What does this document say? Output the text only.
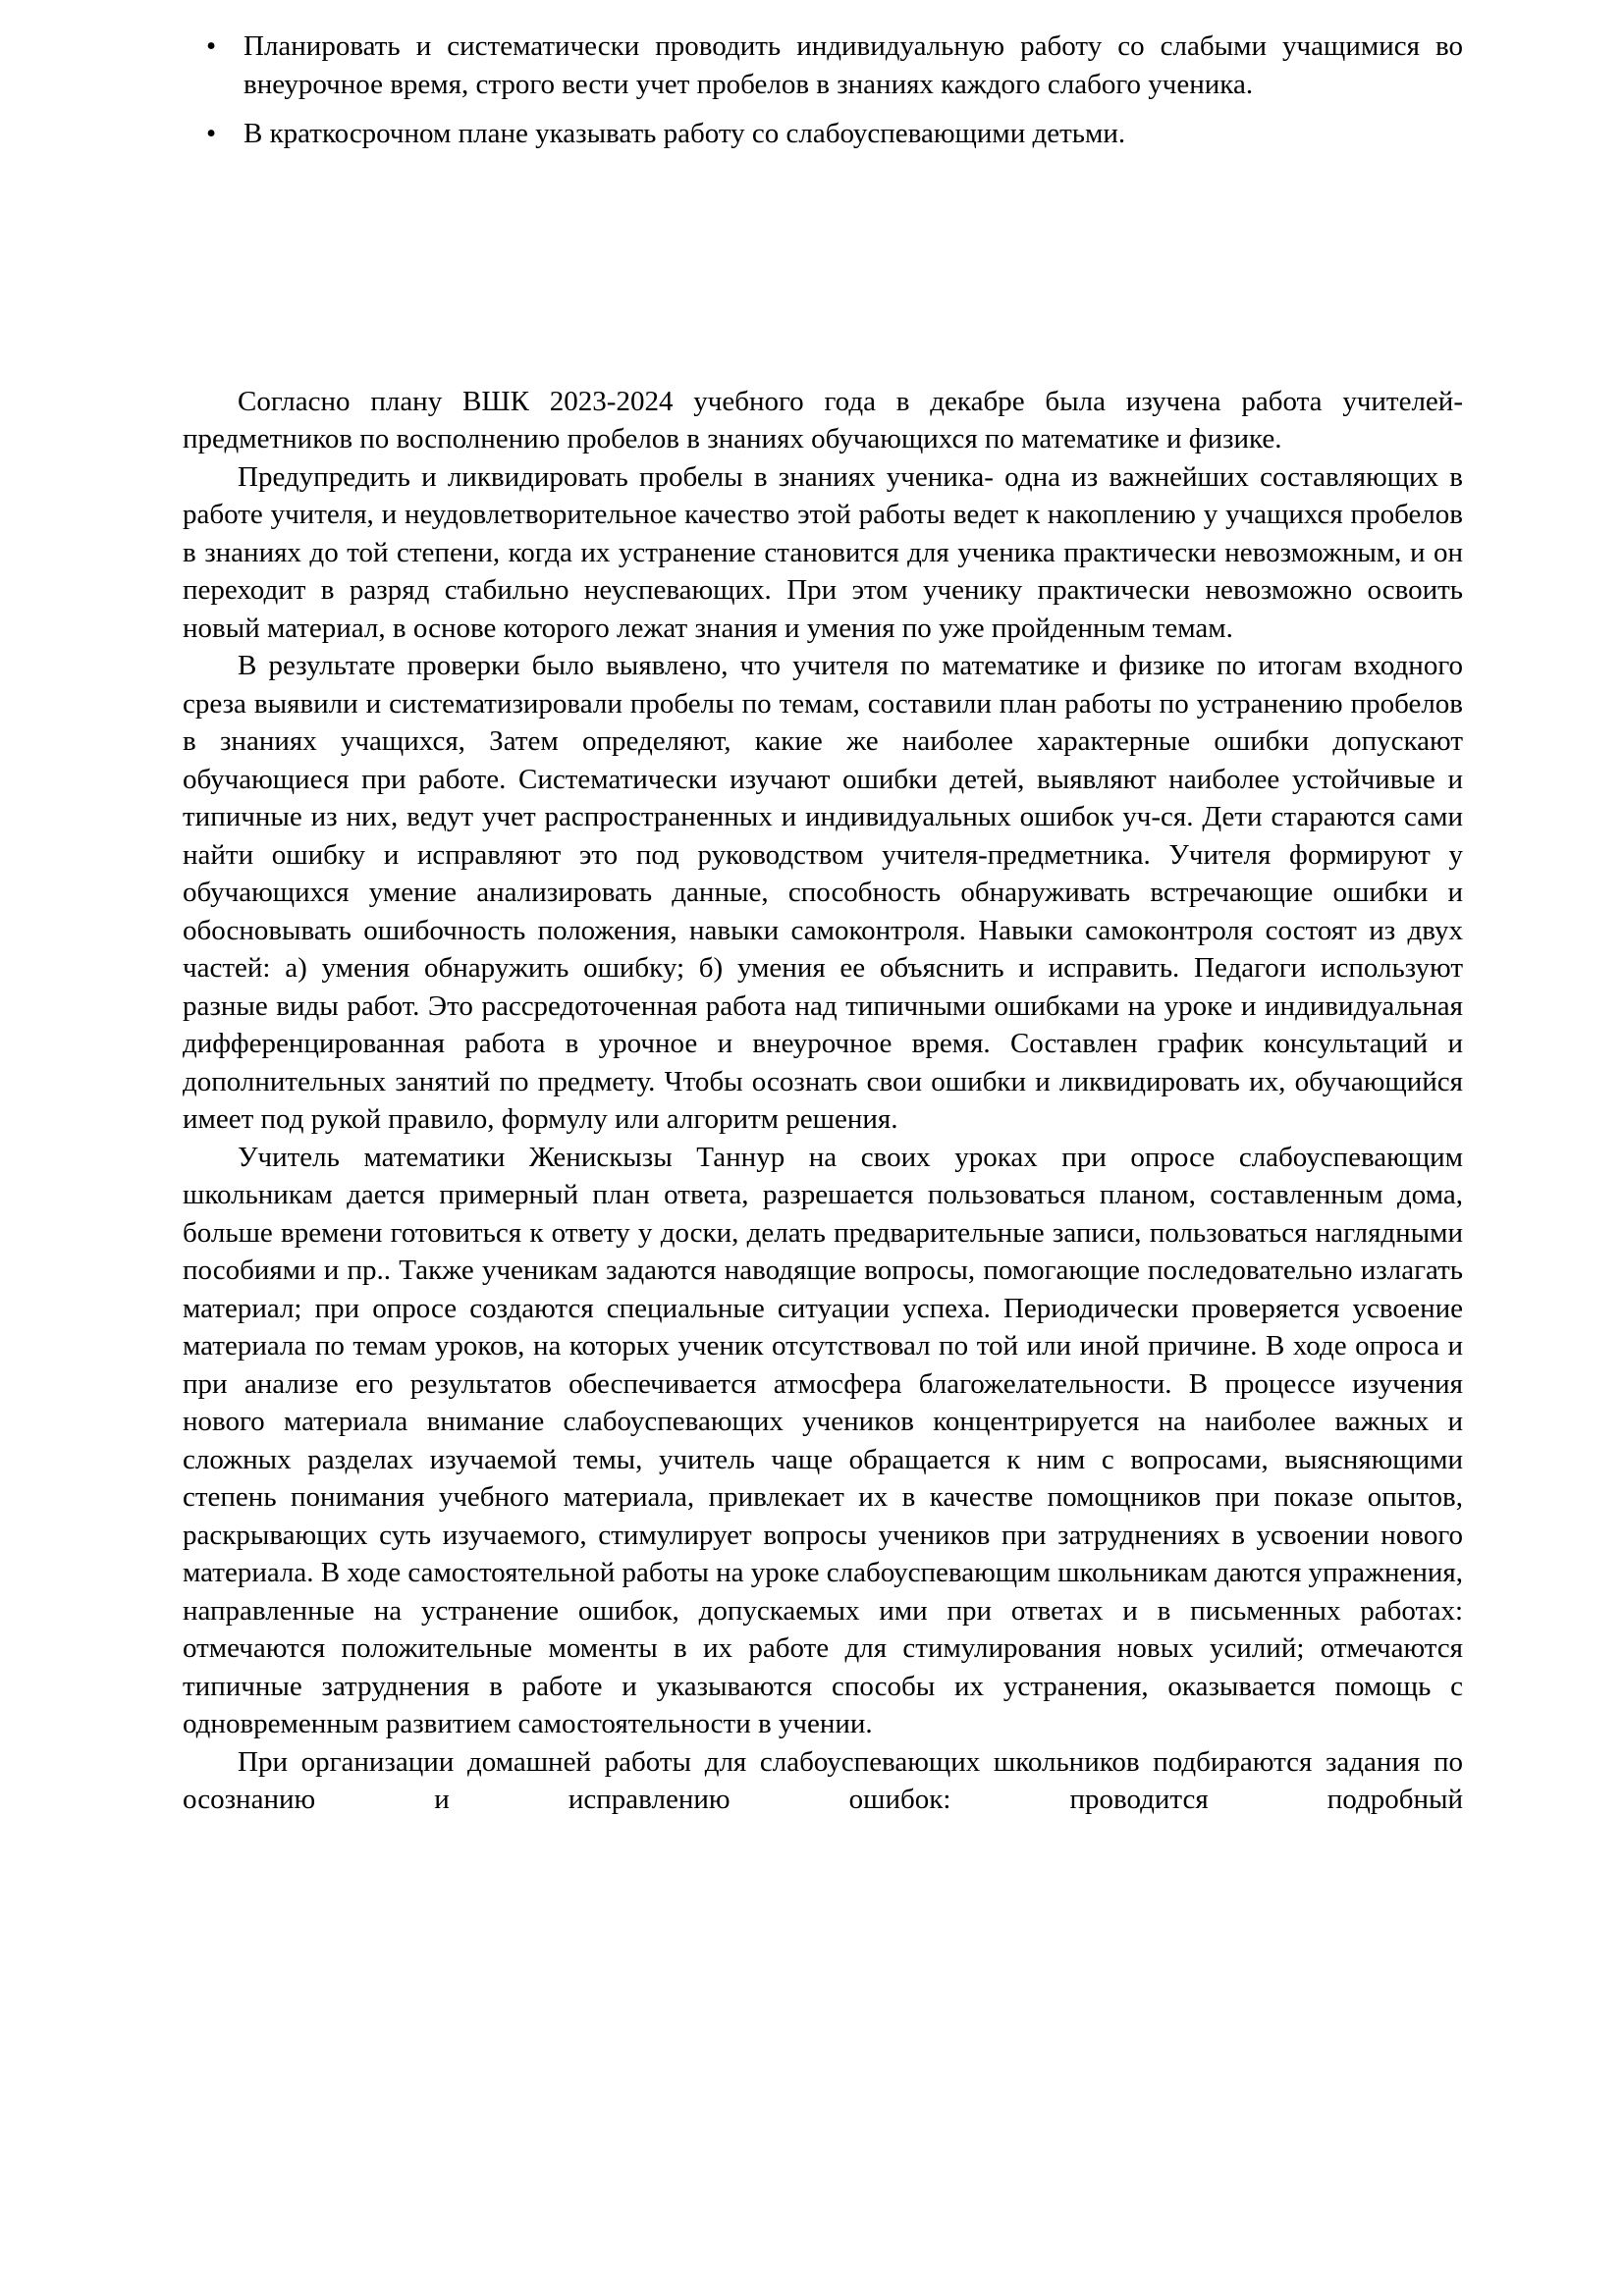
• Планировать и систематически проводить индивидуальную работу со слабыми учащимися во внеурочное время, строго вести учет пробелов в знаниях каждого слабого ученика.
• В краткосрочном плане указывать работу со слабоуспевающими детьми.

Согласно плану ВШК 2023-2024 учебного года в декабре была изучена работа учителей- предметников по восполнению пробелов в знаниях обучающихся по математике и физике.

Предупредить и ликвидировать пробелы в знаниях ученика- одна из важнейших составляющих в работе учителя, и неудовлетворительное качество этой работы ведет к накоплению у учащихся пробелов в знаниях до той степени, когда их устранение становится для ученика практически невозможным, и он переходит в разряд стабильно неуспевающих. При этом ученику практически невозможно освоить новый материал, в основе которого лежат знания и умения по уже пройденным темам.

В результате проверки было выявлено, что учителя по математике и физике по итогам входного среза выявили и систематизировали пробелы по темам, составили план работы по устранению пробелов в знаниях учащихся, Затем определяют, какие же наиболее характерные ошибки допускают обучающиеся при работе. Систематически изучают ошибки детей, выявляют наиболее устойчивые и типичные из них, ведут учет распространенных и индивидуальных ошибок уч-ся. Дети стараются сами найти ошибку и исправляют это под руководством учителя-предметника. Учителя формируют у обучающихся умение анализировать данные, способность обнаруживать встречающие ошибки и обосновывать ошибочность положения, навыки самоконтроля. Навыки самоконтроля состоят из двух частей: а) умения обнаружить ошибку; б) умения ее объяснить и исправить. Педагоги используют разные виды работ. Это рассредоточенная работа над типичными ошибками на уроке и индивидуальная дифференцированная работа в урочное и внеурочное время. Составлен график консультаций и дополнительных занятий по предмету. Чтобы осознать свои ошибки и ликвидировать их, обучающийся имеет под рукой правило, формулу или алгоритм решения.

Учитель математики Женискызы Таннур на своих уроках при опросе слабоуспевающим школьникам дается примерный план ответа, разрешается пользоваться планом, составленным дома, больше времени готовиться к ответу у доски, делать предварительные записи, пользоваться наглядными пособиями и пр.. Также ученикам задаются наводящие вопросы, помогающие последовательно излагать материал; при опросе создаются специальные ситуации успеха. Периодически проверяется усвоение материала по темам уроков, на которых ученик отсутствовал по той или иной причине. В ходе опроса и при анализе его результатов обеспечивается атмосфера благожелательности. В процессе изучения нового материала внимание слабоуспевающих учеников концентрируется на наиболее важных и сложных разделах изучаемой темы, учитель чаще обращается к ним с вопросами, выясняющими степень понимания учебного материала, привлекает их в качестве помощников при показе опытов, раскрывающих суть изучаемого, стимулирует вопросы учеников при затруднениях в усвоении нового материала. В ходе самостоятельной работы на уроке слабоуспевающим школьникам даются упражнения, направленные на устранение ошибок, допускаемых ими при ответах и в письменных работах: отмечаются положительные моменты в их работе для стимулирования новых усилий; отмечаются типичные затруднения в работе и указываются способы их устранения, оказывается помощь с одновременным развитием самостоятельности в учении.

При организации домашней работы для слабоуспевающих школьников подбираются задания по осознанию и исправлению ошибок: проводится подробный
